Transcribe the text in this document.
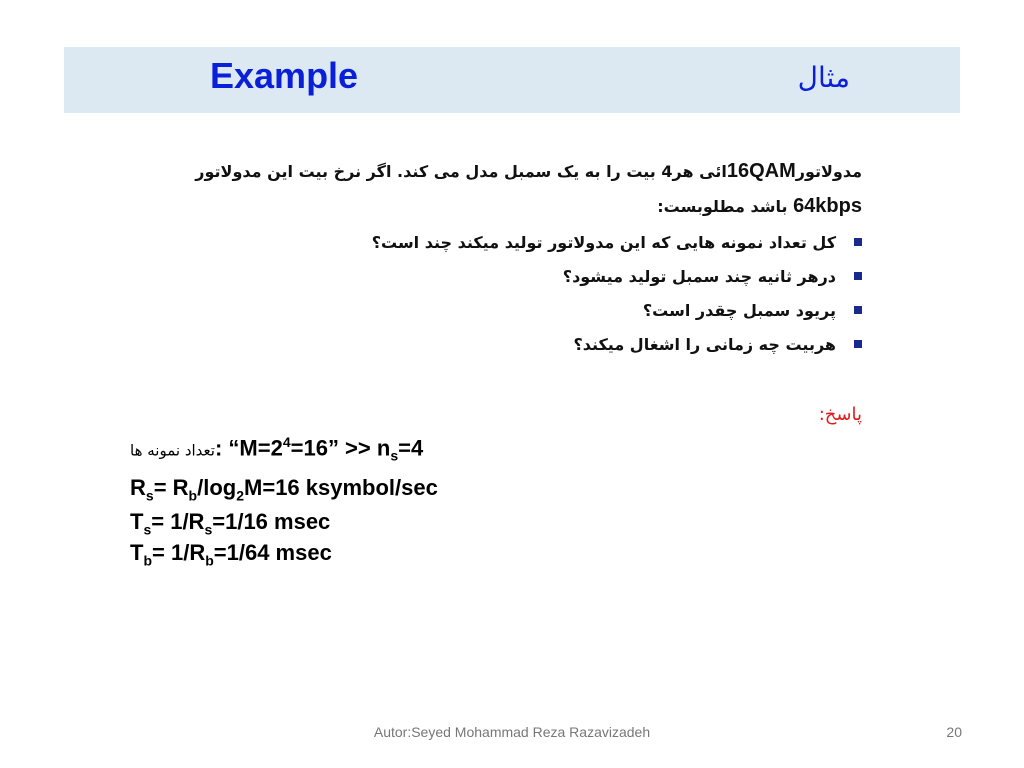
Example	مثال
مدولاتور16QAMائی هر4 بیت را به یک سمبل مدل می کند. اگر نرخ بیت این مدولاتور
64kbps باشد مطلوبست:
کل تعداد نمونه هایی که این مدولاتور تولید میکند چند است؟
درهر ثانیه چند سمبل تولید میشود؟
پریود سمبل چقدر است؟
هربیت چه زمانی را اشغال میکند؟
پاسخ:
تعداد نمونه ها: “$M=2^4=16$” >> $n_s=4$
$R_s= R_b/\log_2M=16$ ksymbol/sec
$T_s= 1/R_s=1/16$ msec
$T_b= 1/R_b=1/64$ msec
Autor:Seyed Mohammad Reza Razavizadeh	20
